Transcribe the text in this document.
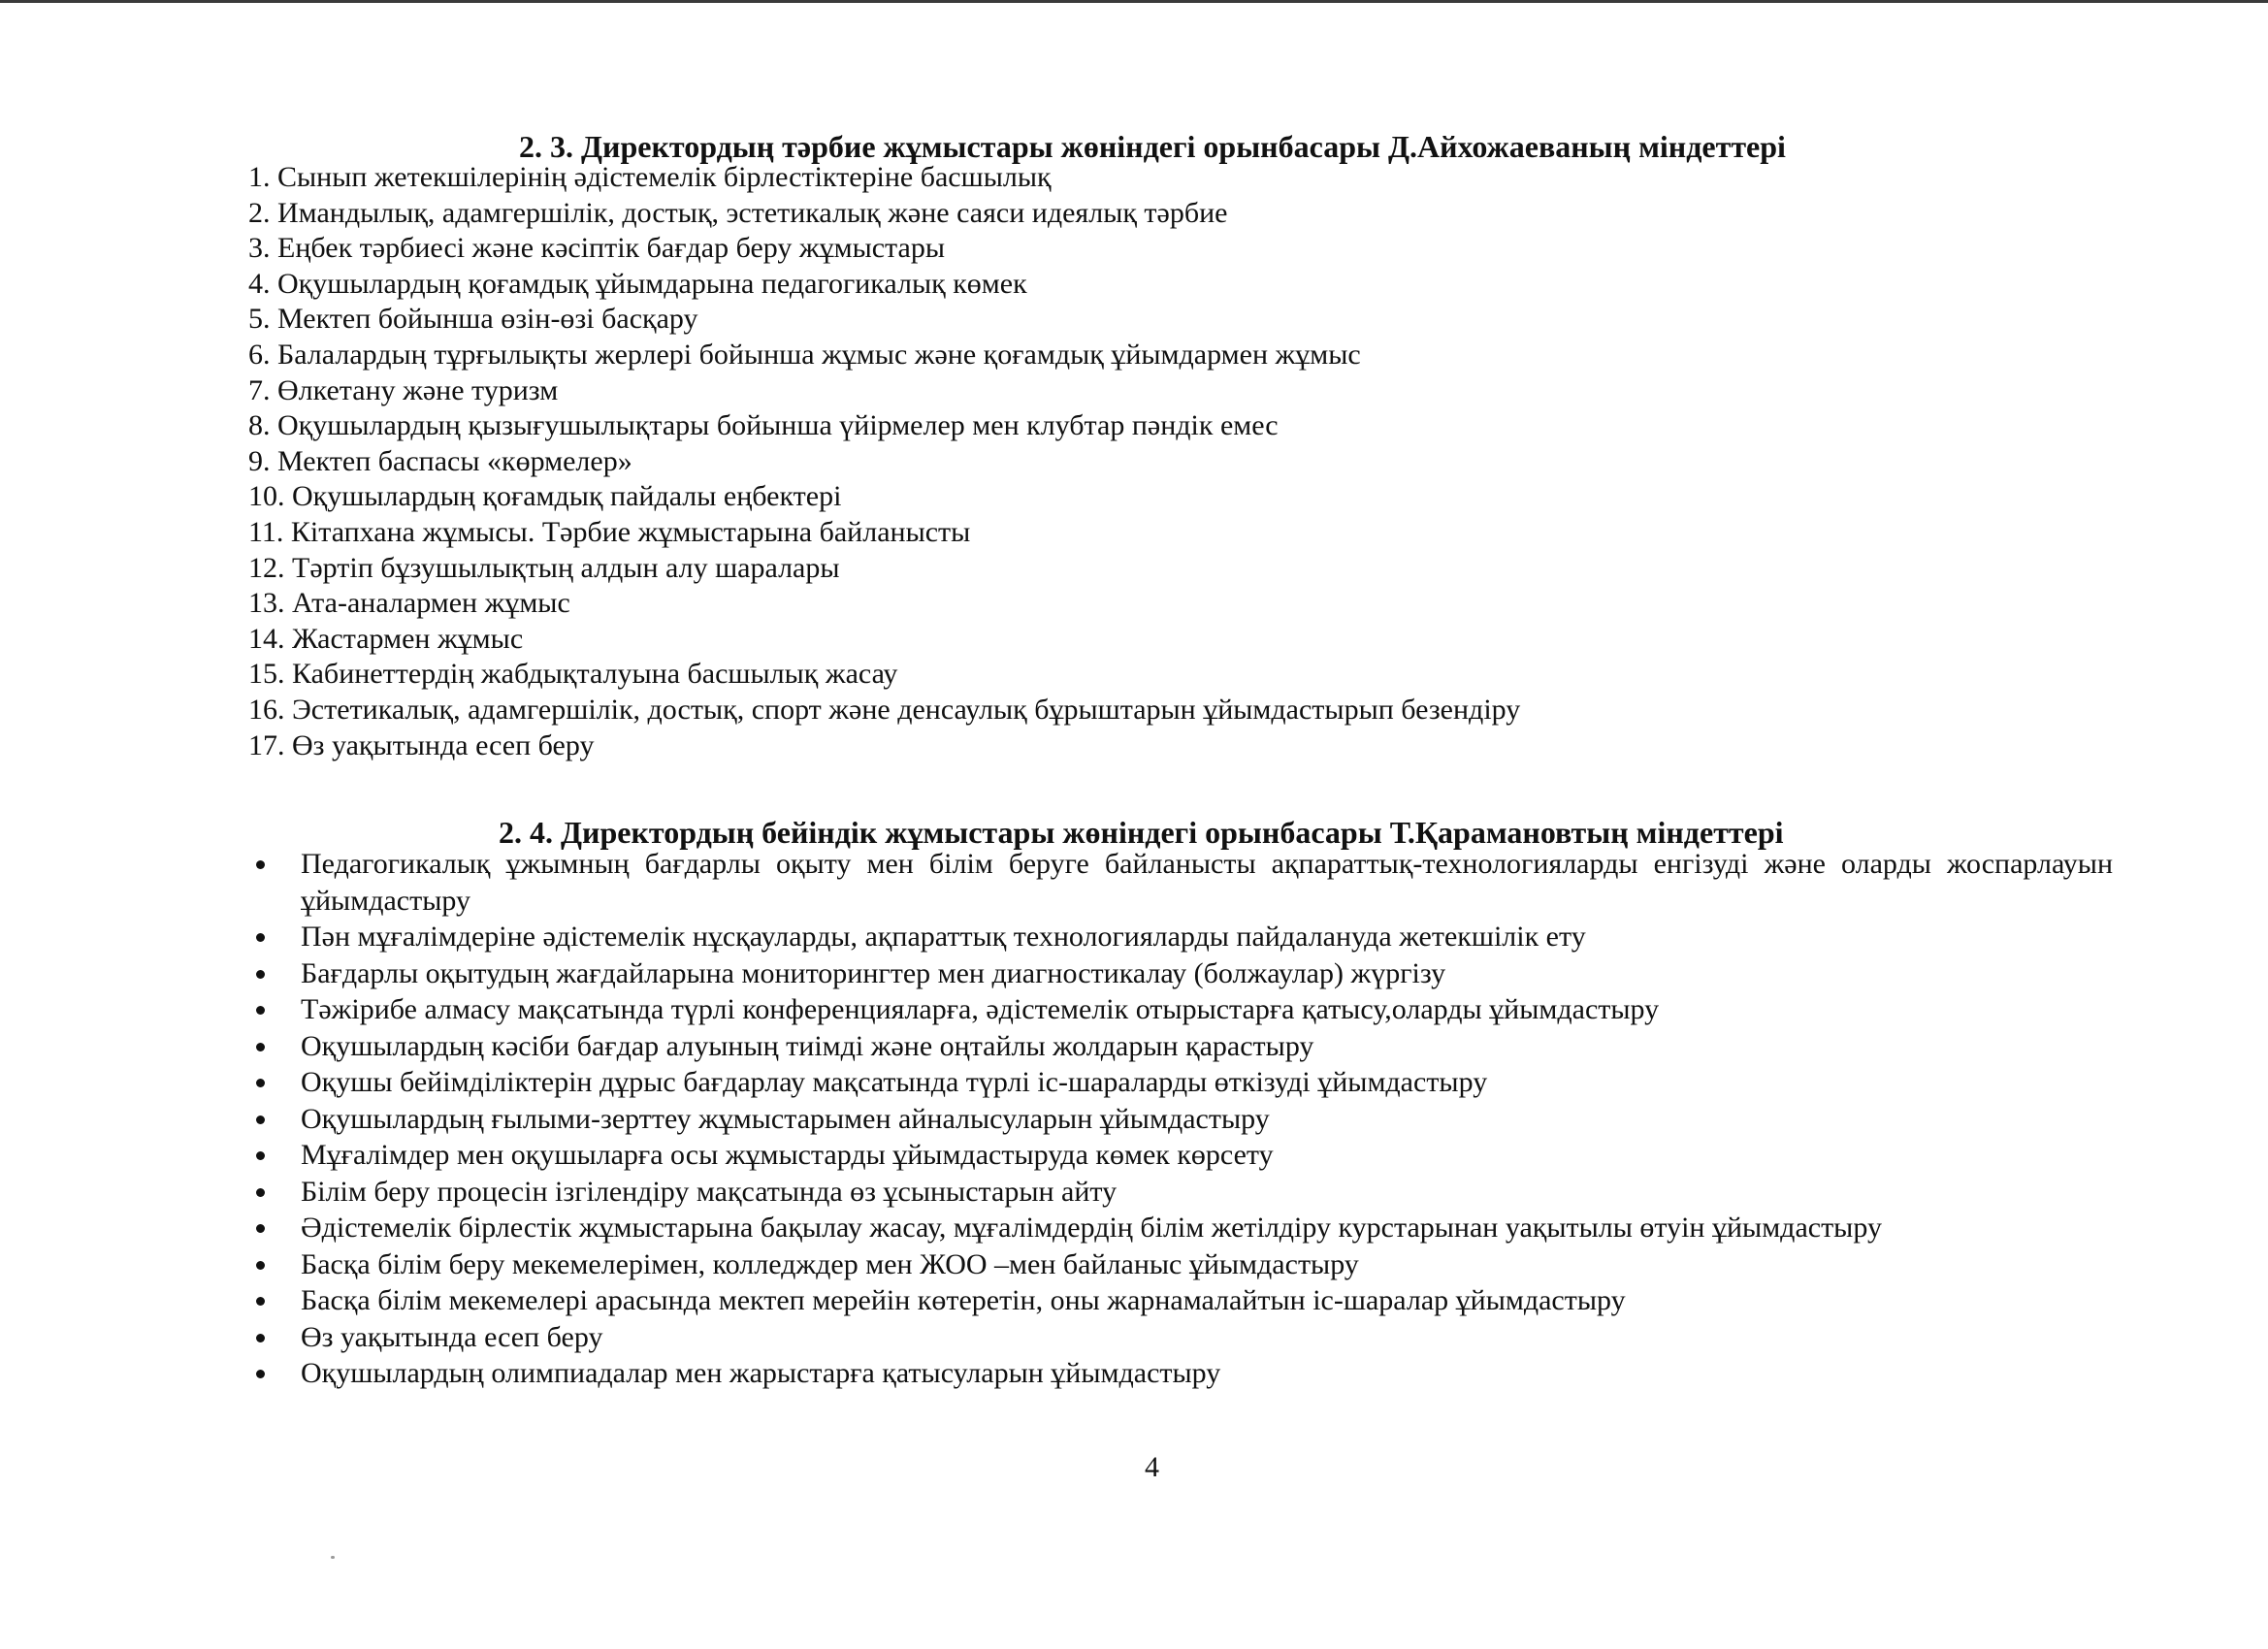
2. 3. Директордың тәрбие жұмыстары жөніндегі орынбасары Д.Айхожаеваның міндеттері
1. Сынып жетекшілерінің әдістемелік бірлестіктеріне басшылық
2. Имандылық, адамгершілік, достық, эстетикалық және саяси идеялық тәрбие
3. Еңбек тәрбиесі және кәсіптік бағдар беру жұмыстары
4. Оқушылардың қоғамдық ұйымдарына педагогикалық көмек
5. Мектеп бойынша өзін-өзі басқару
6. Балалардың тұрғылықты жерлері бойынша жұмыс және қоғамдық ұйымдармен жұмыс
7. Өлкетану және туризм
8. Оқушылардың қызығушылықтары бойынша үйірмелер мен клубтар пәндік емес
9. Мектеп баспасы «көрмелер»
10. Оқушылардың қоғамдық пайдалы еңбектері
11. Кітапхана жұмысы. Тәрбие жұмыстарына байланысты
12. Тәртіп бұзушылықтың алдын алу шаралары
13. Ата-аналармен жұмыс
14. Жастармен жұмыс
15. Кабинеттердің жабдықталуына басшылық жасау
16. Эстетикалық, адамгершілік, достық, спорт және денсаулық бұрыштарын ұйымдастырып безендіру
17. Өз уақытында есеп беру
2. 4. Директордың бейіндік жұмыстары жөніндегі орынбасары Т.Қарамановтың міндеттері
Педагогикалық ұжымның бағдарлы оқыту мен білім беруге байланысты ақпараттық-технологияларды енгізуді және оларды жоспарлауын ұйымдастыру
Пән мұғалімдеріне әдістемелік нұсқауларды, ақпараттық технологияларды пайдалануда жетекшілік ету
Бағдарлы оқытудың жағдайларына мониторингтер мен диагностикалау (болжаулар) жүргізу
Тәжірибе алмасу мақсатында түрлі конференцияларға, әдістемелік отырыстарға қатысу,оларды ұйымдастыру
Оқушылардың кәсіби бағдар алуының тиімді және оңтайлы жолдарын қарастыру
Оқушы бейімділіктерін дұрыс бағдарлау мақсатында түрлі іс-шараларды өткізуді ұйымдастыру
Оқушылардың ғылыми-зерттеу жұмыстарымен айналысуларын ұйымдастыру
Мұғалімдер мен оқушыларға осы жұмыстарды ұйымдастыруда көмек көрсету
Білім беру процесін ізгілендіру мақсатында өз ұсыныстарын айту
Әдістемелік бірлестік жұмыстарына бақылау жасау, мұғалімдердің білім жетілдіру курстарынан уақытылы өтуін ұйымдастыру
Басқа білім беру мекемелерімен, колледждер мен ЖОО –мен байланыс ұйымдастыру
Басқа білім мекемелері арасында мектеп мерейін көтеретін, оны жарнамалайтын іс-шаралар ұйымдастыру
Өз уақытында есеп беру
Оқушылардың олимпиадалар мен жарыстарға қатысуларын ұйымдастыру
4
